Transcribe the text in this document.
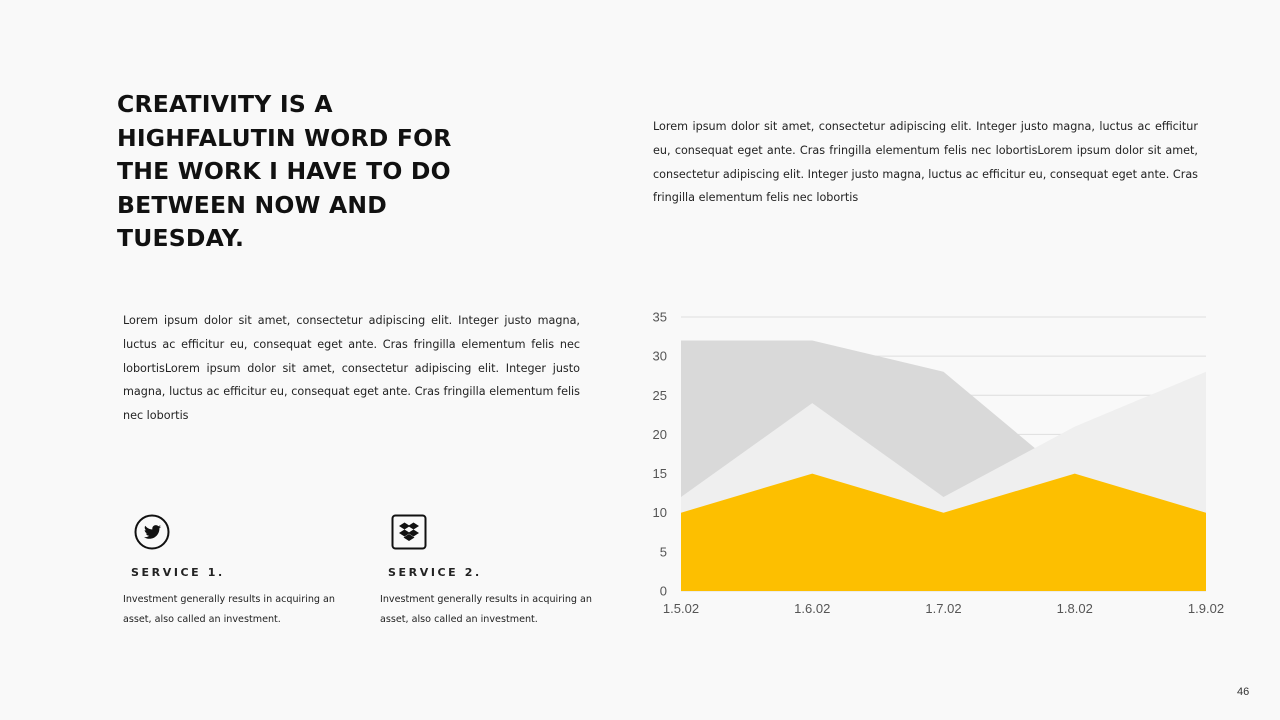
CREATIVITY IS A HIGHFALUTIN WORD FOR THE WORK I HAVE TO DO BETWEEN NOW AND TUESDAY.

Lorem ipsum dolor sit amet, consectetur adipiscing elit. Integer justo magna, luctus ac efficitur eu, consequat eget ante. Cras fringilla elementum felis nec lobortisLorem ipsum dolor sit amet, consectetur adipiscing elit. Integer justo magna, luctus ac efficitur eu, consequat eget ante. Cras fringilla elementum felis nec lobortis

Lorem ipsum dolor sit amet, consectetur adipiscing elit. Integer justo magna, luctus ac efficitur eu, consequat eget ante. Cras fringilla elementum felis nec lobortisLorem ipsum dolor sit amet, consectetur adipiscing elit. Integer justo magna, luctus ac efficitur eu, consequat eget ante. Cras fringilla elementum felis nec lobortis

SERVICE 1.

Investment generally results in acquiring an asset, also called an investment.

SERVICE 2.

Investment generally results in acquiring an asset, also called an investment.

0
5
10
15
20
25
30
35
1.5.02	1.6.02	1.7.02	1.8.02	1.9.02
46
